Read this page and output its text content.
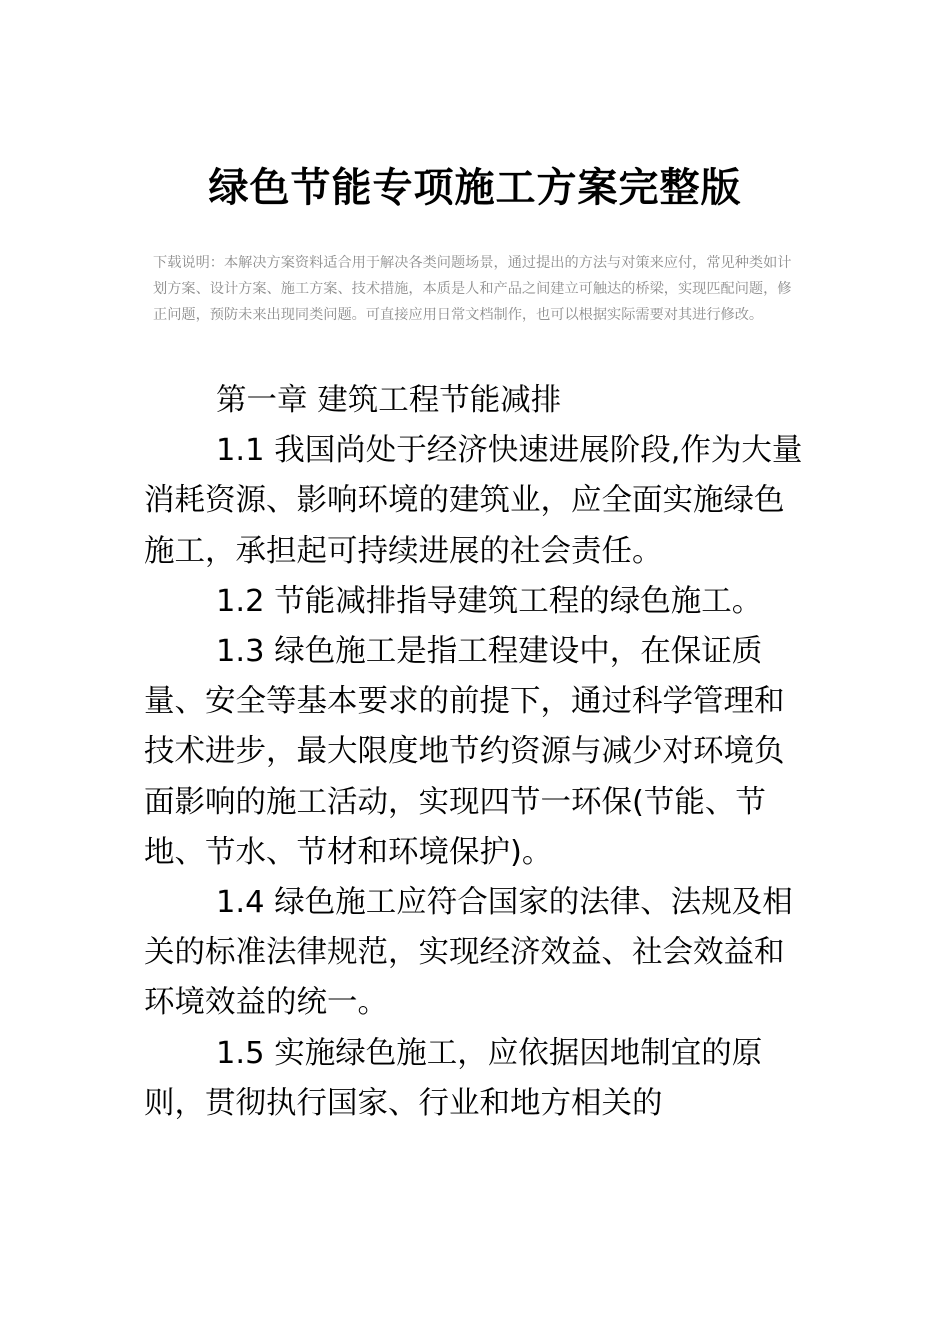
绿色节能专项施工方案完整版

下载说明：本解决方案资料适合用于解决各类问题场景，通过提出的方法与对策来应付，常见种类如计划方案、设计方案、施工方案、技术措施，本质是人和产品之间建立可触达的桥梁，实现匹配问题，修正问题，预防未来出现同类问题。可直接应用日常文档制作，也可以根据实际需要对其进行修改。

第一章 建筑工程节能减排

1.1 我国尚处于经济快速进展阶段,作为大量消耗资源、影响环境的建筑业，应全面实施绿色施工，承担起可持续进展的社会责任。

1.2 节能减排指导建筑工程的绿色施工。

1.3 绿色施工是指工程建设中，在保证质量、安全等基本要求的前提下，通过科学管理和技术进步，最大限度地节约资源与减少对环境负面影响的施工活动，实现四节一环保(节能、节地、节水、节材和环境保护)。

1.4 绿色施工应符合国家的法律、法规及相关的标准法律规范，实现经济效益、社会效益和环境效益的统一。

1.5 实施绿色施工，应依据因地制宜的原则，贯彻执行国家、行业和地方相关的
